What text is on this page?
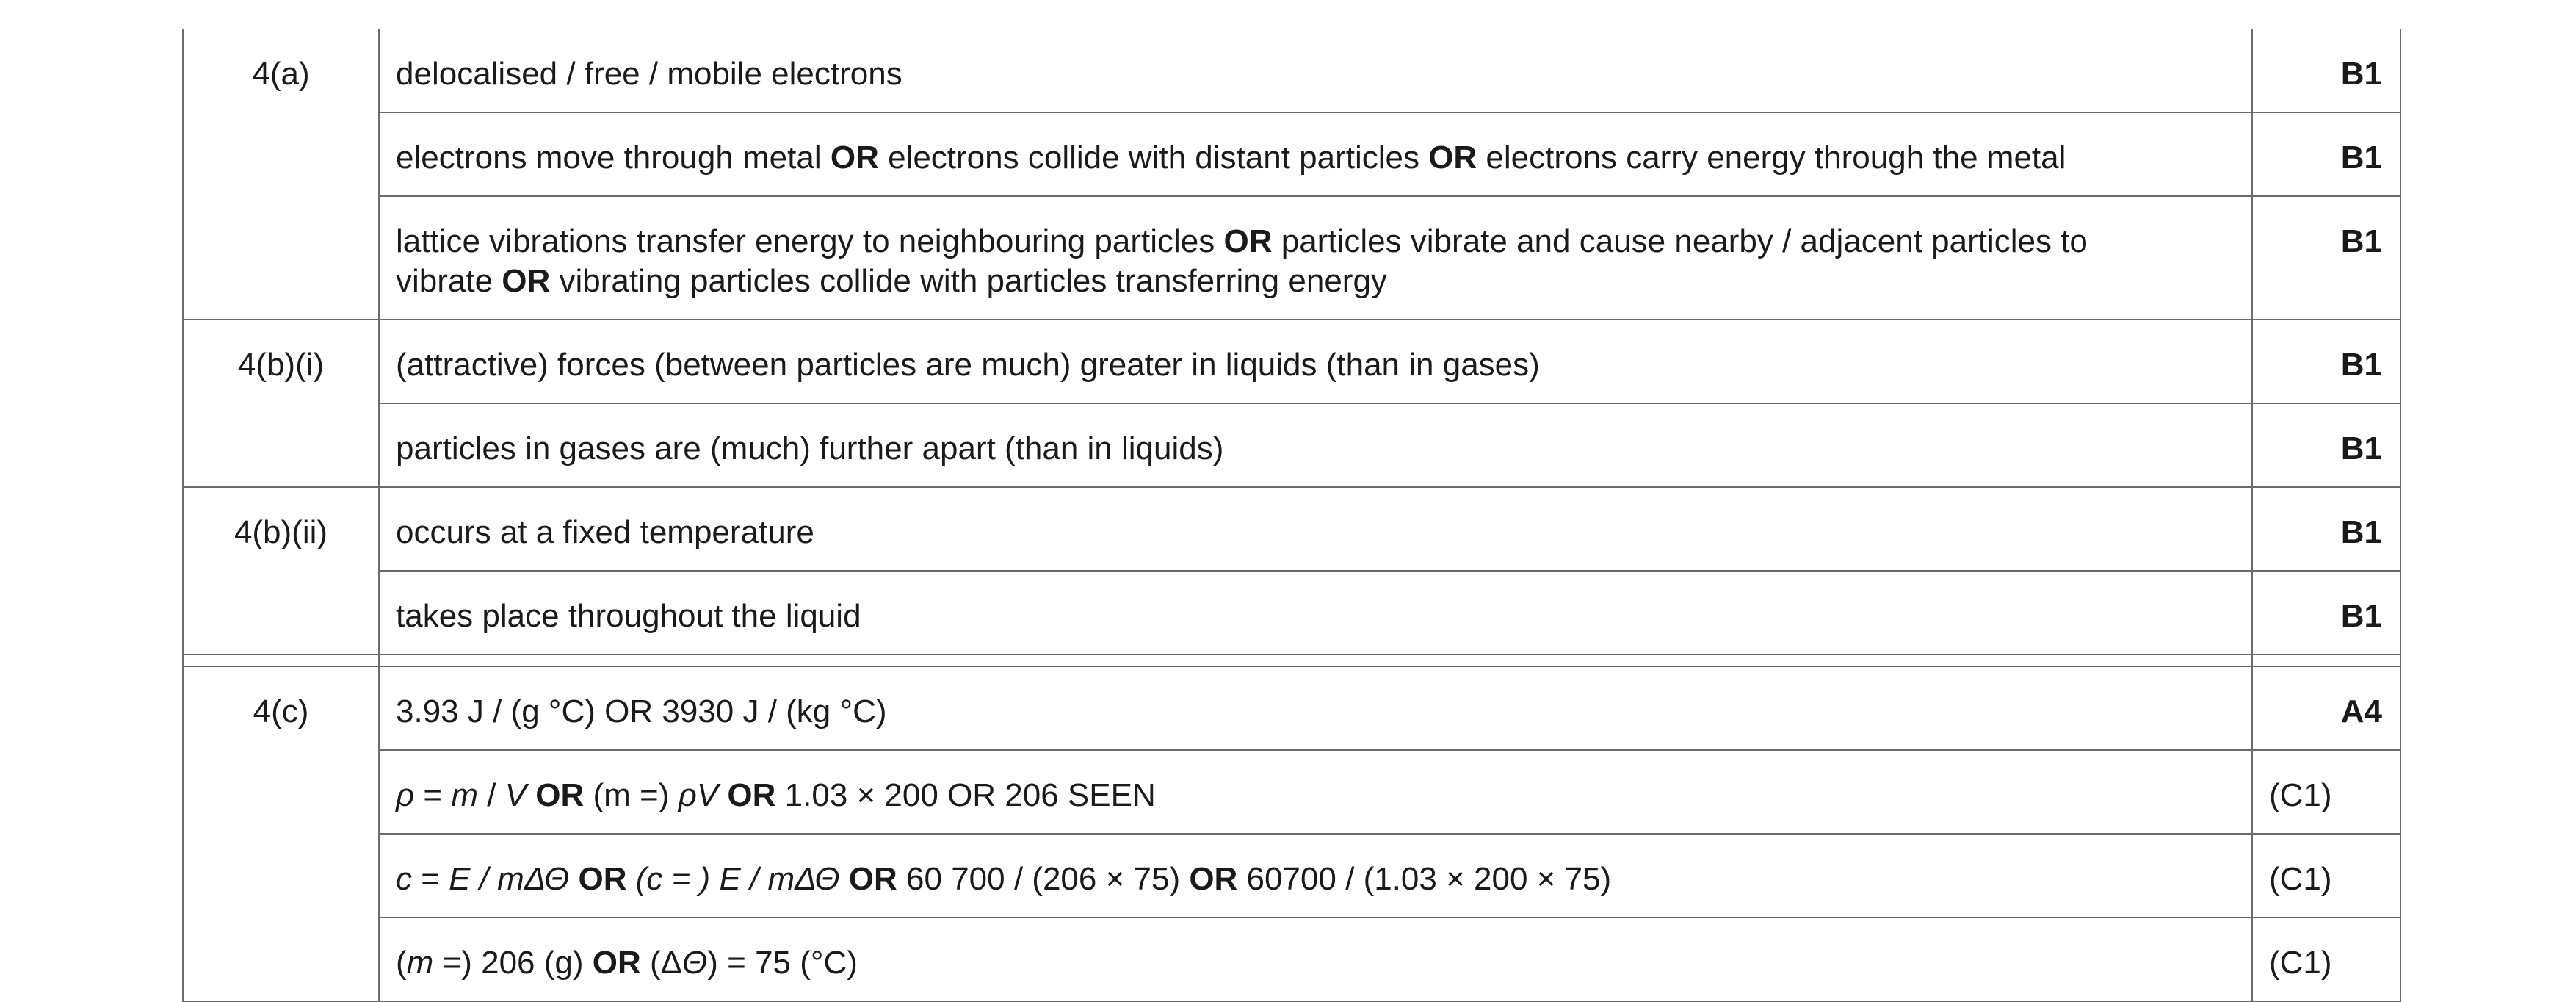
4(a)	delocalised / free / mobile electrons	B1
	electrons move through metal OR electrons collide with distant particles OR electrons carry energy through the metal	B1
	lattice vibrations transfer energy to neighbouring particles OR particles vibrate and cause nearby / adjacent particles to
vibrate OR vibrating particles collide with particles transferring energy	B1
4(b)(i)	(attractive) forces (between particles are much) greater in liquids (than in gases)	B1
	particles in gases are (much) further apart (than in liquids)	B1
4(b)(ii)	occurs at a fixed temperature	B1
	takes place throughout the liquid	B1

4(c)	3.93 J / (g °C) OR 3930 J / (kg °C)	A4
	ρ = m / V OR (m =) ρV OR 1.03 × 200 OR 206 SEEN	(C1)
	c = E / mΔΘ OR (c = ) E / mΔΘ OR 60 700 / (206 × 75) OR 60700 / (1.03 × 200 × 75)	(C1)
	(m =) 206 (g) OR (ΔΘ) = 75 (°C)	(C1)
